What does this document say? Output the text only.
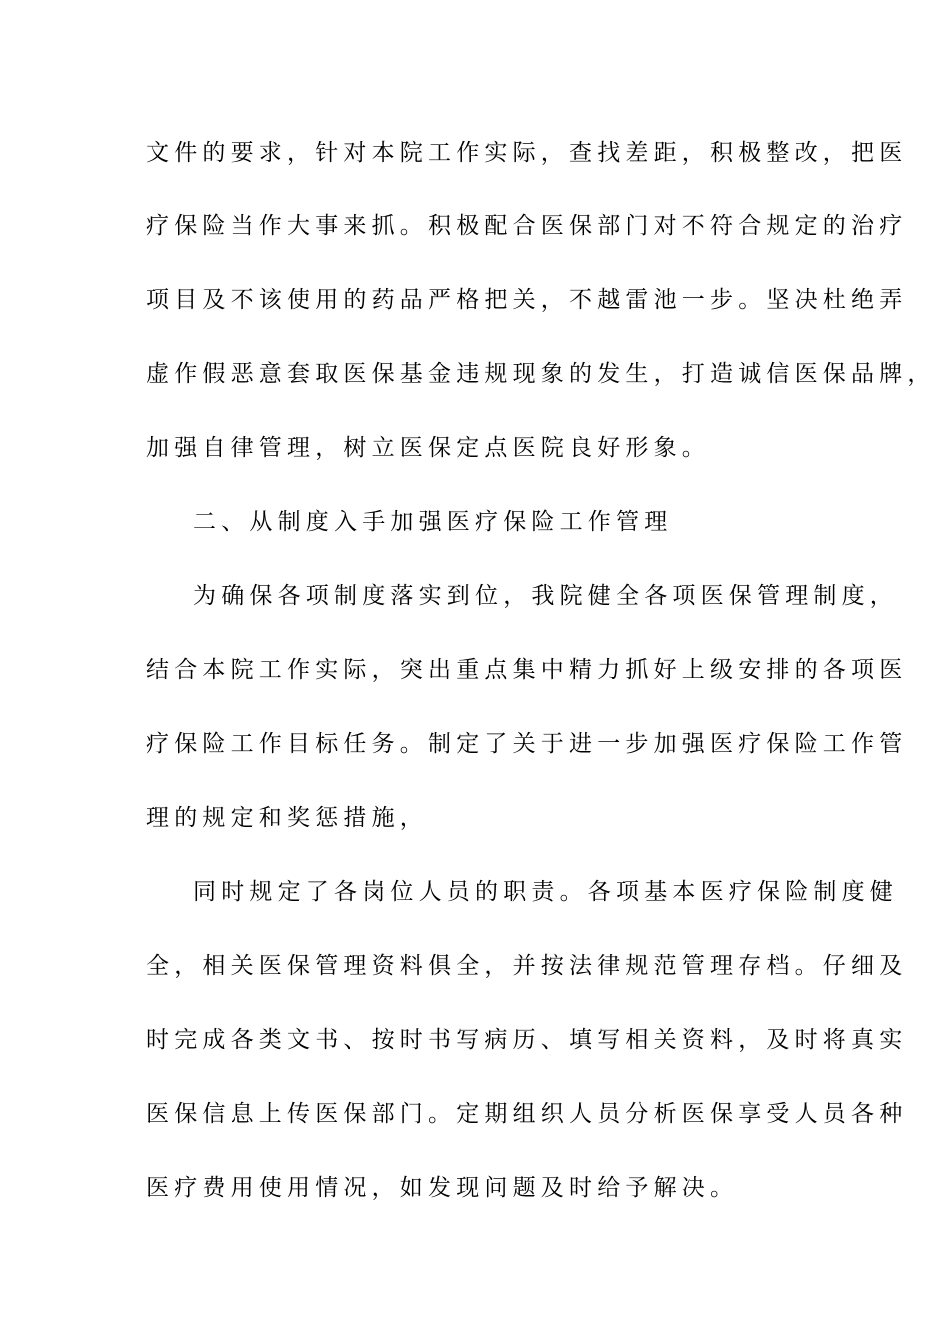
文件的要求，针对本院工作实际，查找差距，积极整改，把医
疗保险当作大事来抓。积极配合医保部门对不符合规定的治疗
项目及不该使用的药品严格把关，不越雷池一步。坚决杜绝弄
虚作假恶意套取医保基金违规现象的发生，打造诚信医保品牌，
加强自律管理，树立医保定点医院良好形象。
二、从制度入手加强医疗保险工作管理
为确保各项制度落实到位，我院健全各项医保管理制度，
结合本院工作实际，突出重点集中精力抓好上级安排的各项医
疗保险工作目标任务。制定了关于进一步加强医疗保险工作管
理的规定和奖惩措施，
同时规定了各岗位人员的职责。各项基本医疗保险制度健
全，相关医保管理资料俱全，并按法律规范管理存档。仔细及
时完成各类文书、按时书写病历、填写相关资料，及时将真实
医保信息上传医保部门。定期组织人员分析医保享受人员各种
医疗费用使用情况，如发现问题及时给予解决。
